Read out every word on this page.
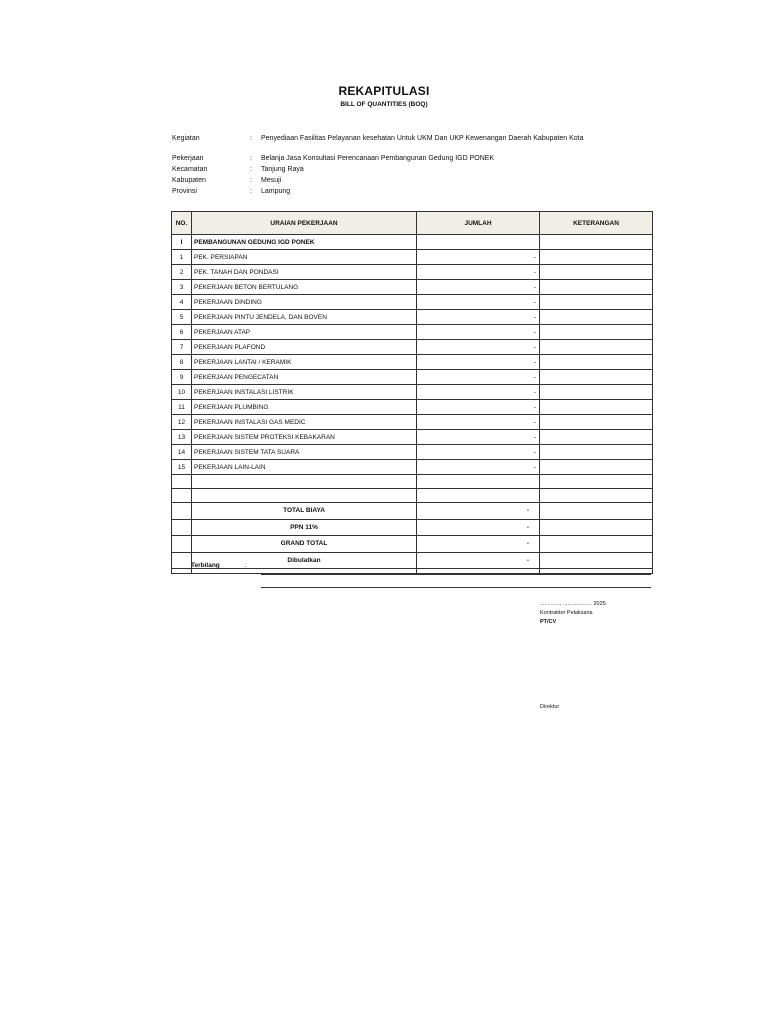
REKAPITULASI
BILL OF QUANTITIES (BOQ)
Kegiatan	:	Penyediaan Fasilitas Pelayanan kesehatan Untuk UKM Dan UKP Kewenangan Daerah Kabupaten Kota
Pekerjaan	:	Belanja Jasa Konsultasi Perencanaan Pembangunan Gedung IGD PONEK
Kecamatan	:	Tanjung Raya
Kabupaten	:	Mesuji
Provinsi	:	Lampung
NO.	URAIAN PEKERJAAN	JUMLAH	KETERANGAN
I	PEMBANGUNAN GEDUNG IGD PONEK		
1	PEK. PERSIAPAN	-	
2	PEK. TANAH DAN PONDASI	-	
3	PEKERJAAN BETON BERTULANG	-	
4	PEKERJAAN DINDING	-	
5	PEKERJAAN PINTU JENDELA, DAN BOVEN	-	
6	PEKERJAAN ATAP	-	
7	PEKERJAAN PLAFOND	-	
8	PEKERJAAN LANTAI / KERAMIK	-	
9	PEKERJAAN PENGECATAN	-	
10	PEKERJAAN INSTALASI LISTRIK	-	
11	PEKERJAAN PLUMBING	-	
12	PEKERJAAN INSTALASI GAS MEDIC	-	
13	PEKERJAAN SISTEM PROTEKSI KEBAKARAN	-	
14	PEKERJAAN SISTEM TATA SUARA	-	
15	PEKERJAAN LAIN-LAIN	-	

	TOTAL BIAYA	-	
	PPN 11%	-	
	GRAND TOTAL	-	
	Dibulatkan	-	

Terbilang	:
............., ................... 2025
Kontraktor Pelaksana
PT/CV
Direktur
